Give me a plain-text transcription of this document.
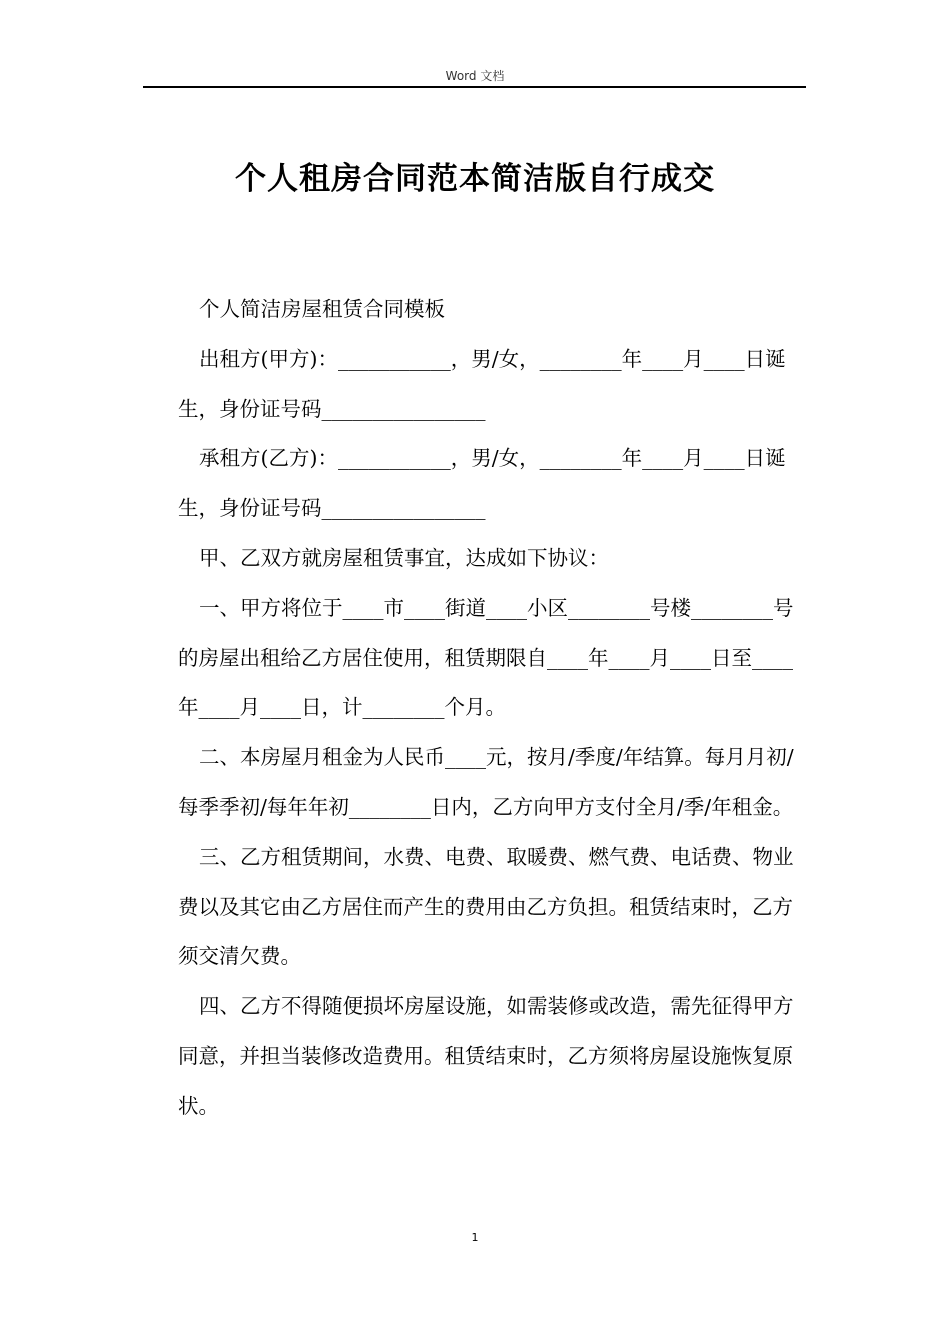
Word 文档
个人租房合同范本简洁版自行成交

个人简洁房屋租赁合同模板

出租方(甲方)：___________，男/女，________年____月____日诞生，身份证号码________________

承租方(乙方)：___________，男/女，________年____月____日诞生，身份证号码________________

甲、乙双方就房屋租赁事宜，达成如下协议：

一、甲方将位于____市____街道____小区________号楼________号的房屋出租给乙方居住使用，租赁期限自____年____月____日至____年____月____日，计________个月。

二、本房屋月租金为人民币____元，按月/季度/年结算。每月月初/每季季初/每年年初________日内，乙方向甲方支付全月/季/年租金。

三、乙方租赁期间，水费、电费、取暖费、燃气费、电话费、物业费以及其它由乙方居住而产生的费用由乙方负担。租赁结束时，乙方须交清欠费。

四、乙方不得随便损坏房屋设施，如需装修或改造，需先征得甲方同意，并担当装修改造费用。租赁结束时，乙方须将房屋设施恢复原状。

1
